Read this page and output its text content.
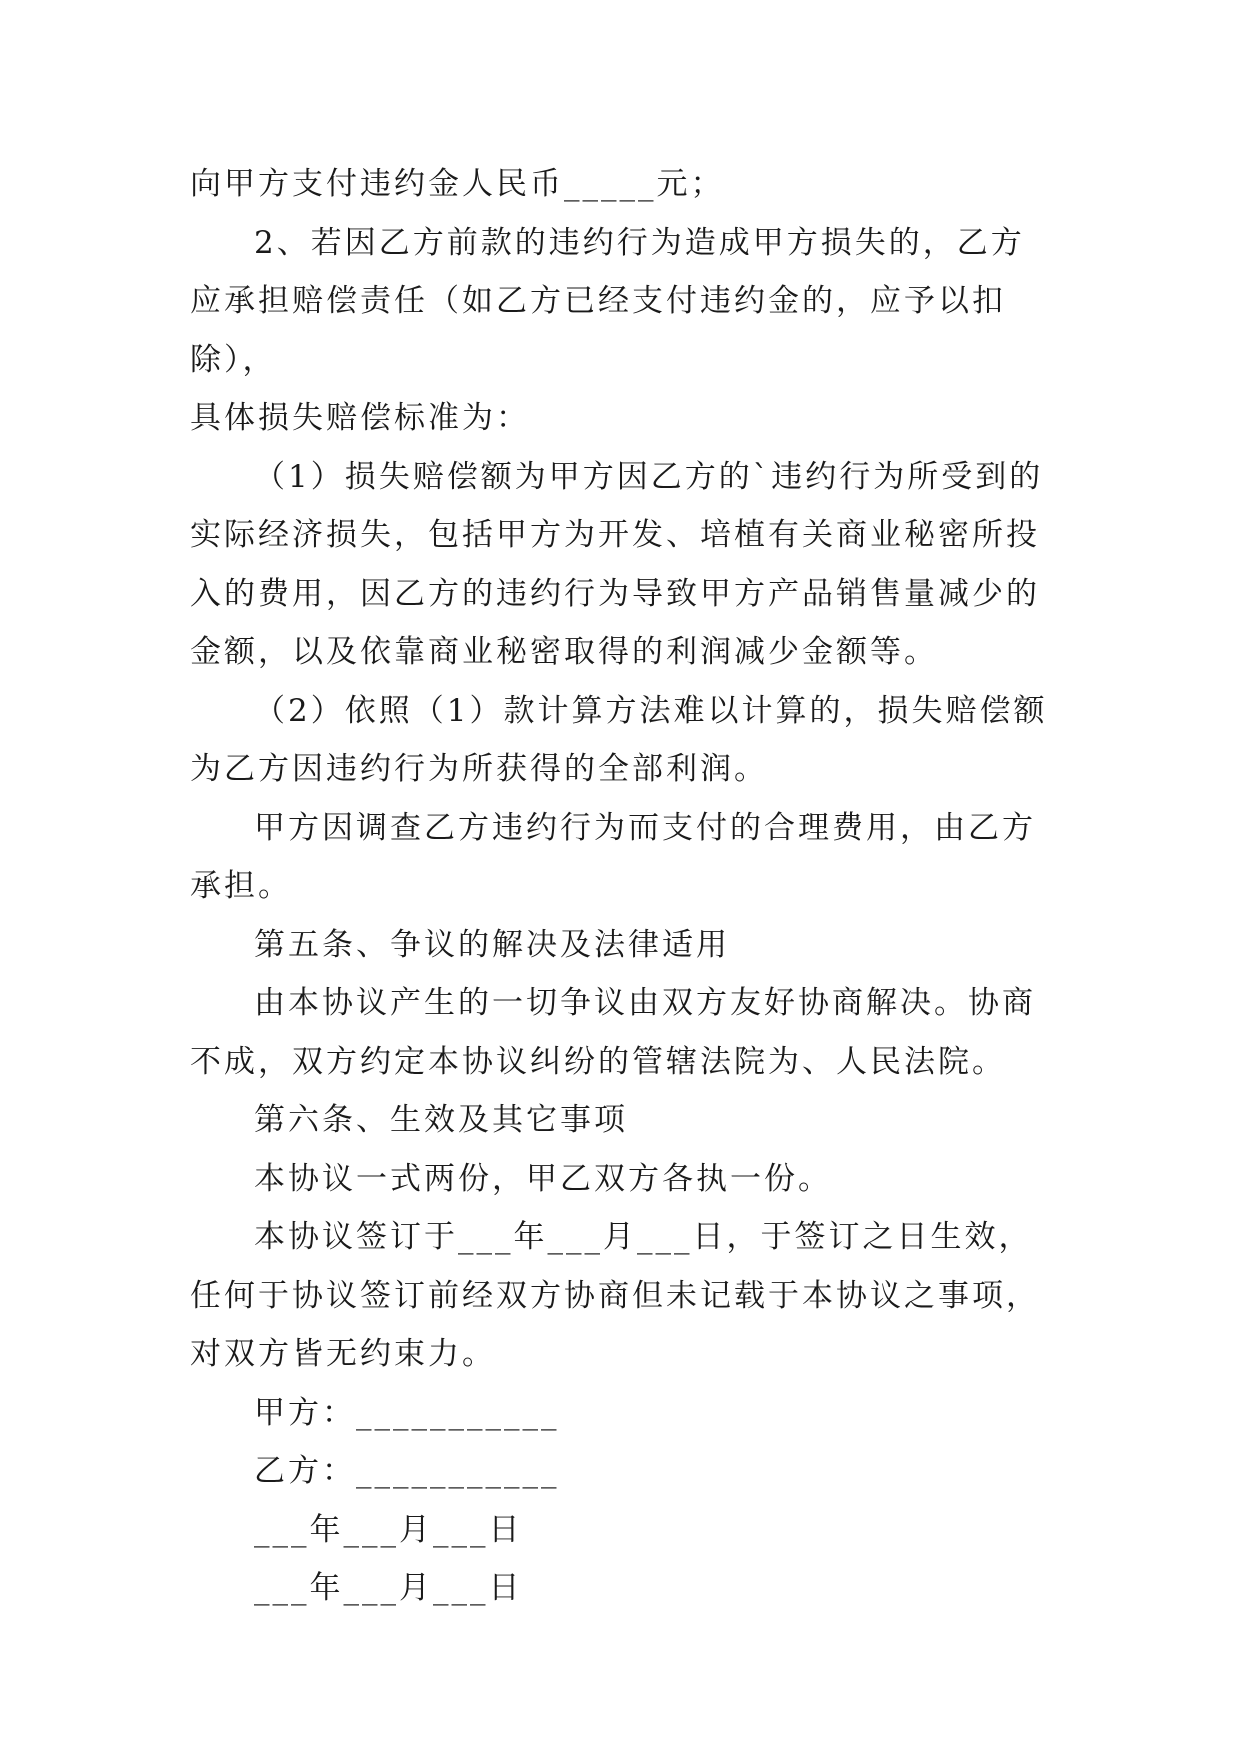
向甲方支付违约金人民币_____元；

2、若因乙方前款的违约行为造成甲方损失的，乙方应承担赔偿责任（如乙方已经支付违约金的，应予以扣除），

具体损失赔偿标准为：

（1）损失赔偿额为甲方因乙方的`违约行为所受到的实际经济损失，包括甲方为开发、培植有关商业秘密所投入的费用，因乙方的违约行为导致甲方产品销售量减少的金额，以及依靠商业秘密取得的利润减少金额等。

（2）依照（1）款计算方法难以计算的，损失赔偿额为乙方因违约行为所获得的全部利润。

甲方因调查乙方违约行为而支付的合理费用，由乙方承担。

第五条、争议的解决及法律适用

由本协议产生的一切争议由双方友好协商解决。协商不成，双方约定本协议纠纷的管辖法院为、人民法院。

第六条、生效及其它事项

本协议一式两份，甲乙双方各执一份。

本协议签订于___年___月___日，于签订之日生效，任何于协议签订前经双方协商但未记载于本协议之事项，对双方皆无约束力。

甲方：___________

乙方：___________

___年___月___日

___年___月___日
